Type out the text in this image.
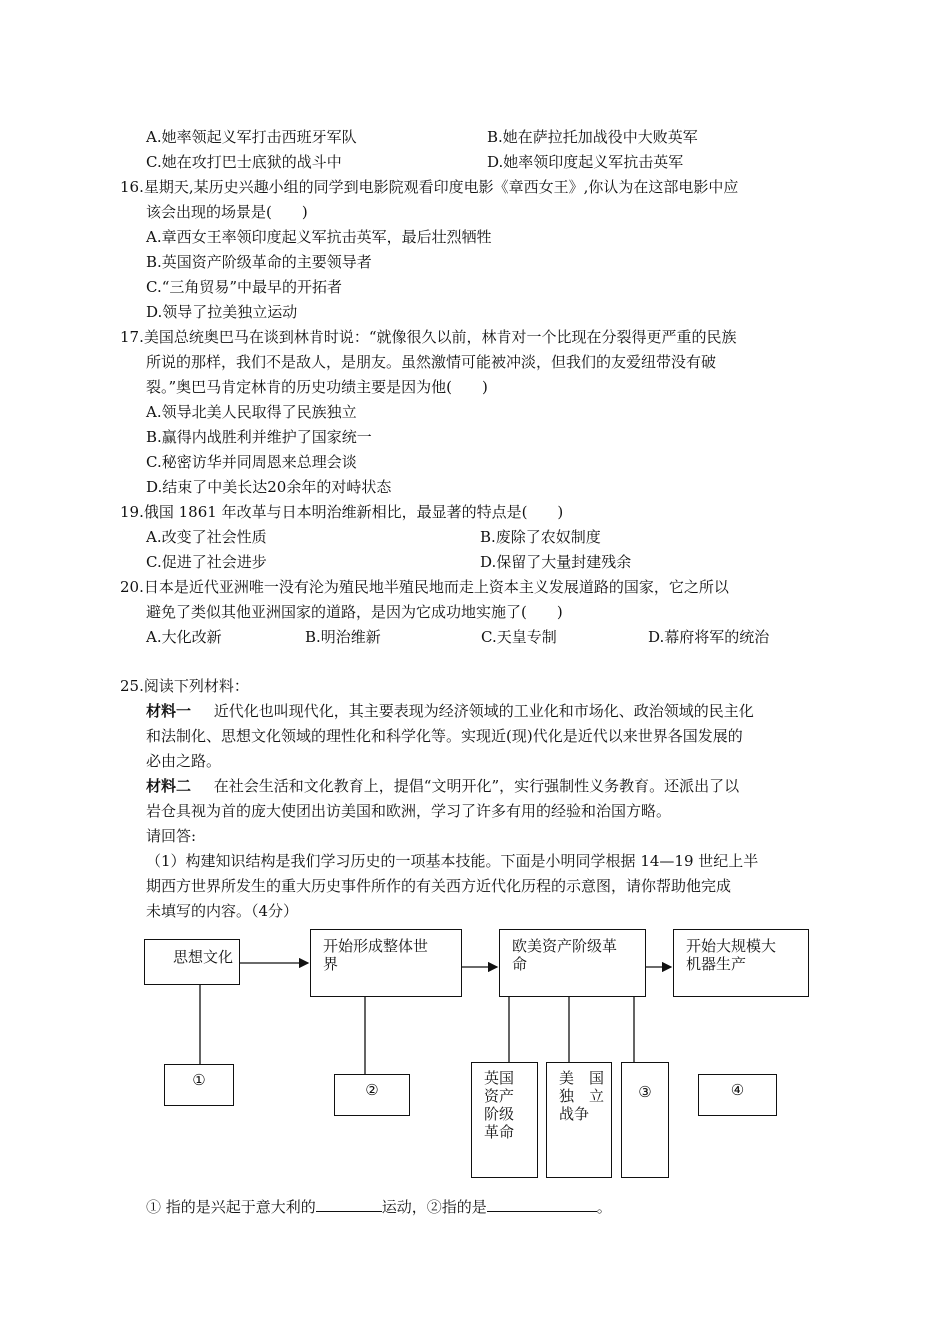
A.她率领起义军打击西班牙军队	B.她在萨拉托加战役中大败英军
C.她在攻打巴士底狱的战斗中	D.她率领印度起义军抗击英军
16.星期天,某历史兴趣小组的同学到电影院观看印度电影《章西女王》,你认为在这部电影中应
该会出现的场景是(　　)
A.章西女王率领印度起义军抗击英军，最后壮烈牺牲
B.英国资产阶级革命的主要领导者
C.“三角贸易”中最早的开拓者
D.领导了拉美独立运动
17.美国总统奥巴马在谈到林肯时说：“就像很久以前，林肯对一个比现在分裂得更严重的民族
所说的那样，我们不是敌人，是朋友。虽然激情可能被冲淡，但我们的友爱纽带没有破
裂。”奥巴马肯定林肯的历史功绩主要是因为他(　　)
A.领导北美人民取得了民族独立
B.赢得内战胜利并维护了国家统一
C.秘密访华并同周恩来总理会谈
D.结束了中美长达20余年的对峙状态
19.俄国 1861 年改革与日本明治维新相比，最显著的特点是(　　)
A.改变了社会性质	B.废除了农奴制度
C.促进了社会进步	D.保留了大量封建残余
20.日本是近代亚洲唯一没有沦为殖民地半殖民地而走上资本主义发展道路的国家，它之所以
避免了类似其他亚洲国家的道路，是因为它成功地实施了(　　)
A.大化改新	B.明治维新	C.天皇专制	D.幕府将军的统治
25.阅读下列材料：
材料一 近代化也叫现代化，其主要表现为经济领域的工业化和市场化、政治领域的民主化
和法制化、思想文化领域的理性化和科学化等。实现近(现)代化是近代以来世界各国发展的
必由之路。
材料二 在社会生活和文化教育上，提倡“文明开化”，实行强制性义务教育。还派出了以
岩仓具视为首的庞大使团出访美国和欧洲，学习了许多有用的经验和治国方略。
请回答:
（1）构建知识结构是我们学习历史的一项基本技能。下面是小明同学根据 14—19 世纪上半
期西方世界所发生的重大历史事件所作的有关西方近代化历程的示意图，请你帮助他完成
未填写的内容。（4分）
思想文化
开始形成整体世
界
欧美资产阶级革
命
开始大规模大
机器生产
①
②
英国
资产
阶级
革命
美　国
独　立
战争
③	④
① 指的是兴起于意大利的	运动，②指的是	。
